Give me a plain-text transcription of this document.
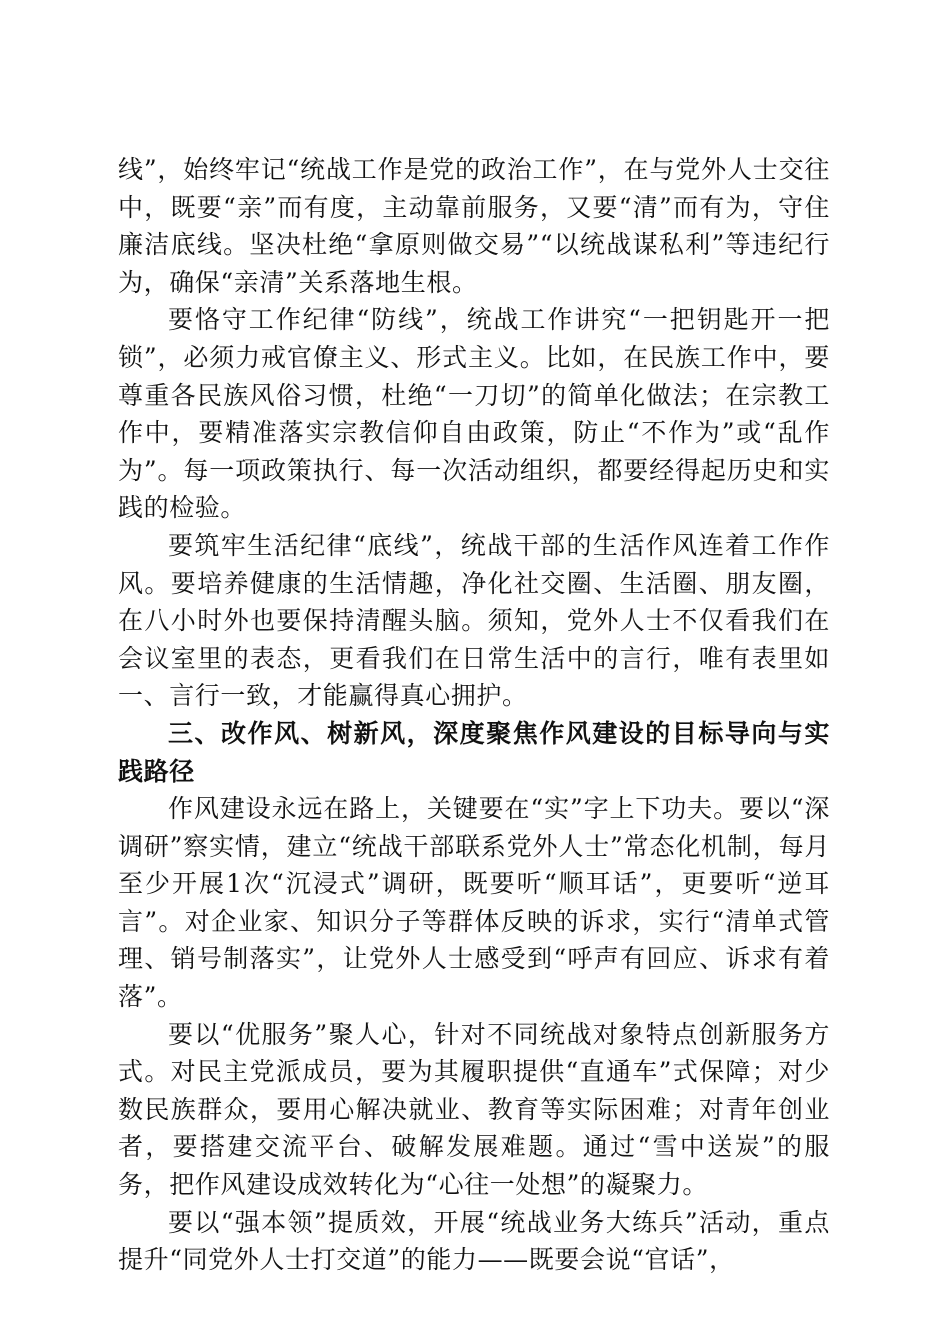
线”，始终牢记“统战工作是党的政治工作”，在与党外人士交往中，既要“亲”而有度，主动靠前服务，又要“清”而有为，守住廉洁底线。坚决杜绝“拿原则做交易”“以统战谋私利”等违纪行为，确保“亲清”关系落地生根。

要恪守工作纪律“防线”，统战工作讲究“一把钥匙开一把锁”，必须力戒官僚主义、形式主义。比如，在民族工作中，要尊重各民族风俗习惯，杜绝“一刀切”的简单化做法；在宗教工作中，要精准落实宗教信仰自由政策，防止“不作为”或“乱作为”。每一项政策执行、每一次活动组织，都要经得起历史和实践的检验。

要筑牢生活纪律“底线”，统战干部的生活作风连着工作作风。要培养健康的生活情趣，净化社交圈、生活圈、朋友圈，在八小时外也要保持清醒头脑。须知，党外人士不仅看我们在会议室里的表态，更看我们在日常生活中的言行，唯有表里如一、言行一致，才能赢得真心拥护。

三、改作风、树新风，深度聚焦作风建设的目标导向与实践路径

作风建设永远在路上，关键要在“实”字上下功夫。要以“深调研”察实情，建立“统战干部联系党外人士”常态化机制，每月至少开展1次“沉浸式”调研，既要听“顺耳话”，更要听“逆耳言”。对企业家、知识分子等群体反映的诉求，实行“清单式管理、销号制落实”，让党外人士感受到“呼声有回应、诉求有着落”。

要以“优服务”聚人心，针对不同统战对象特点创新服务方式。对民主党派成员，要为其履职提供“直通车”式保障；对少数民族群众，要用心解决就业、教育等实际困难；对青年创业者，要搭建交流平台、破解发展难题。通过“雪中送炭”的服务，把作风建设成效转化为“心往一处想”的凝聚力。

要以“强本领”提质效，开展“统战业务大练兵”活动，重点提升“同党外人士打交道”的能力——既要会说“官话”，
